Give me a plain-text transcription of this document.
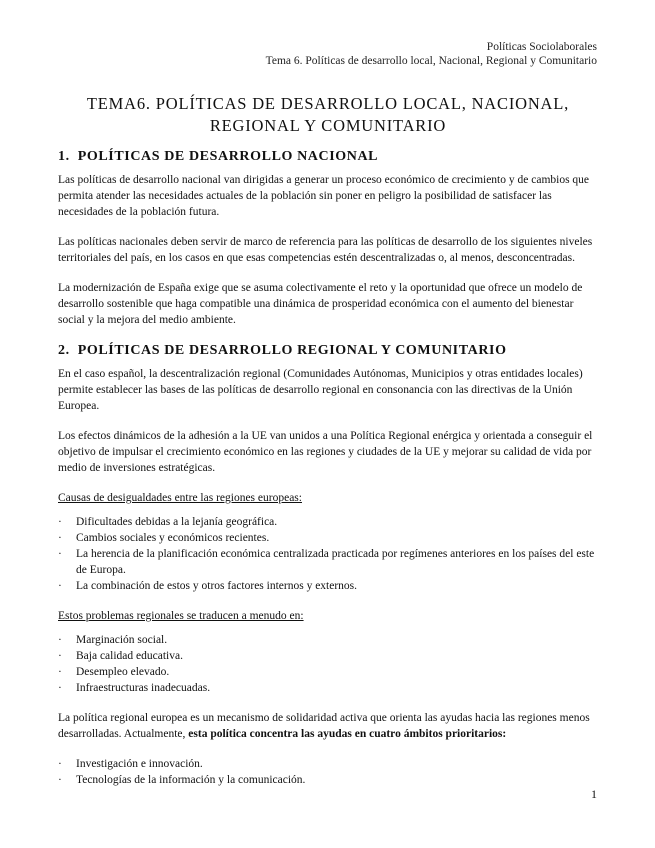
Políticas Sociolaborales
Tema 6. Políticas de desarrollo local, Nacional, Regional y Comunitario
TEMA6. POLÍTICAS DE DESARROLLO LOCAL, NACIONAL,
REGIONAL Y COMUNITARIO
1. POLÍTICAS DE DESARROLLO NACIONAL

Las políticas de desarrollo nacional van dirigidas a generar un proceso económico de crecimiento y de cambios que permita atender las necesidades actuales de la población sin poner en peligro la posibilidad de satisfacer las necesidades de la población futura.

Las políticas nacionales deben servir de marco de referencia para las políticas de desarrollo de los siguientes niveles territoriales del país, en los casos en que esas competencias estén descentralizadas o, al menos, desconcentradas.

La modernización de España exige que se asuma colectivamente el reto y la oportunidad que ofrece un modelo de desarrollo sostenible que haga compatible una dinámica de prosperidad económica con el aumento del bienestar social y la mejora del medio ambiente.

2. POLÍTICAS DE DESARROLLO REGIONAL Y COMUNITARIO

En el caso español, la descentralización regional (Comunidades Autónomas, Municipios y otras entidades locales) permite establecer las bases de las políticas de desarrollo regional en consonancia con las directivas de la Unión Europea.

Los efectos dinámicos de la adhesión a la UE van unidos a una Política Regional enérgica y orientada a conseguir el objetivo de impulsar el crecimiento económico en las regiones y ciudades de la UE y mejorar su calidad de vida por medio de inversiones estratégicas.

Causas de desigualdades entre las regiones europeas:
· Dificultades debidas a la lejanía geográfica.
· Cambios sociales y económicos recientes.
· La herencia de la planificación económica centralizada practicada por regímenes anteriores en los países del este de Europa.
· La combinación de estos y otros factores internos y externos.
Estos problemas regionales se traducen a menudo en:
· Marginación social.
· Baja calidad educativa.
· Desempleo elevado.
· Infraestructuras inadecuadas.

La política regional europea es un mecanismo de solidaridad activa que orienta las ayudas hacia las regiones menos desarrolladas. Actualmente, esta política concentra las ayudas en cuatro ámbitos prioritarios:

· Investigación e innovación.
· Tecnologías de la información y la comunicación.
1
